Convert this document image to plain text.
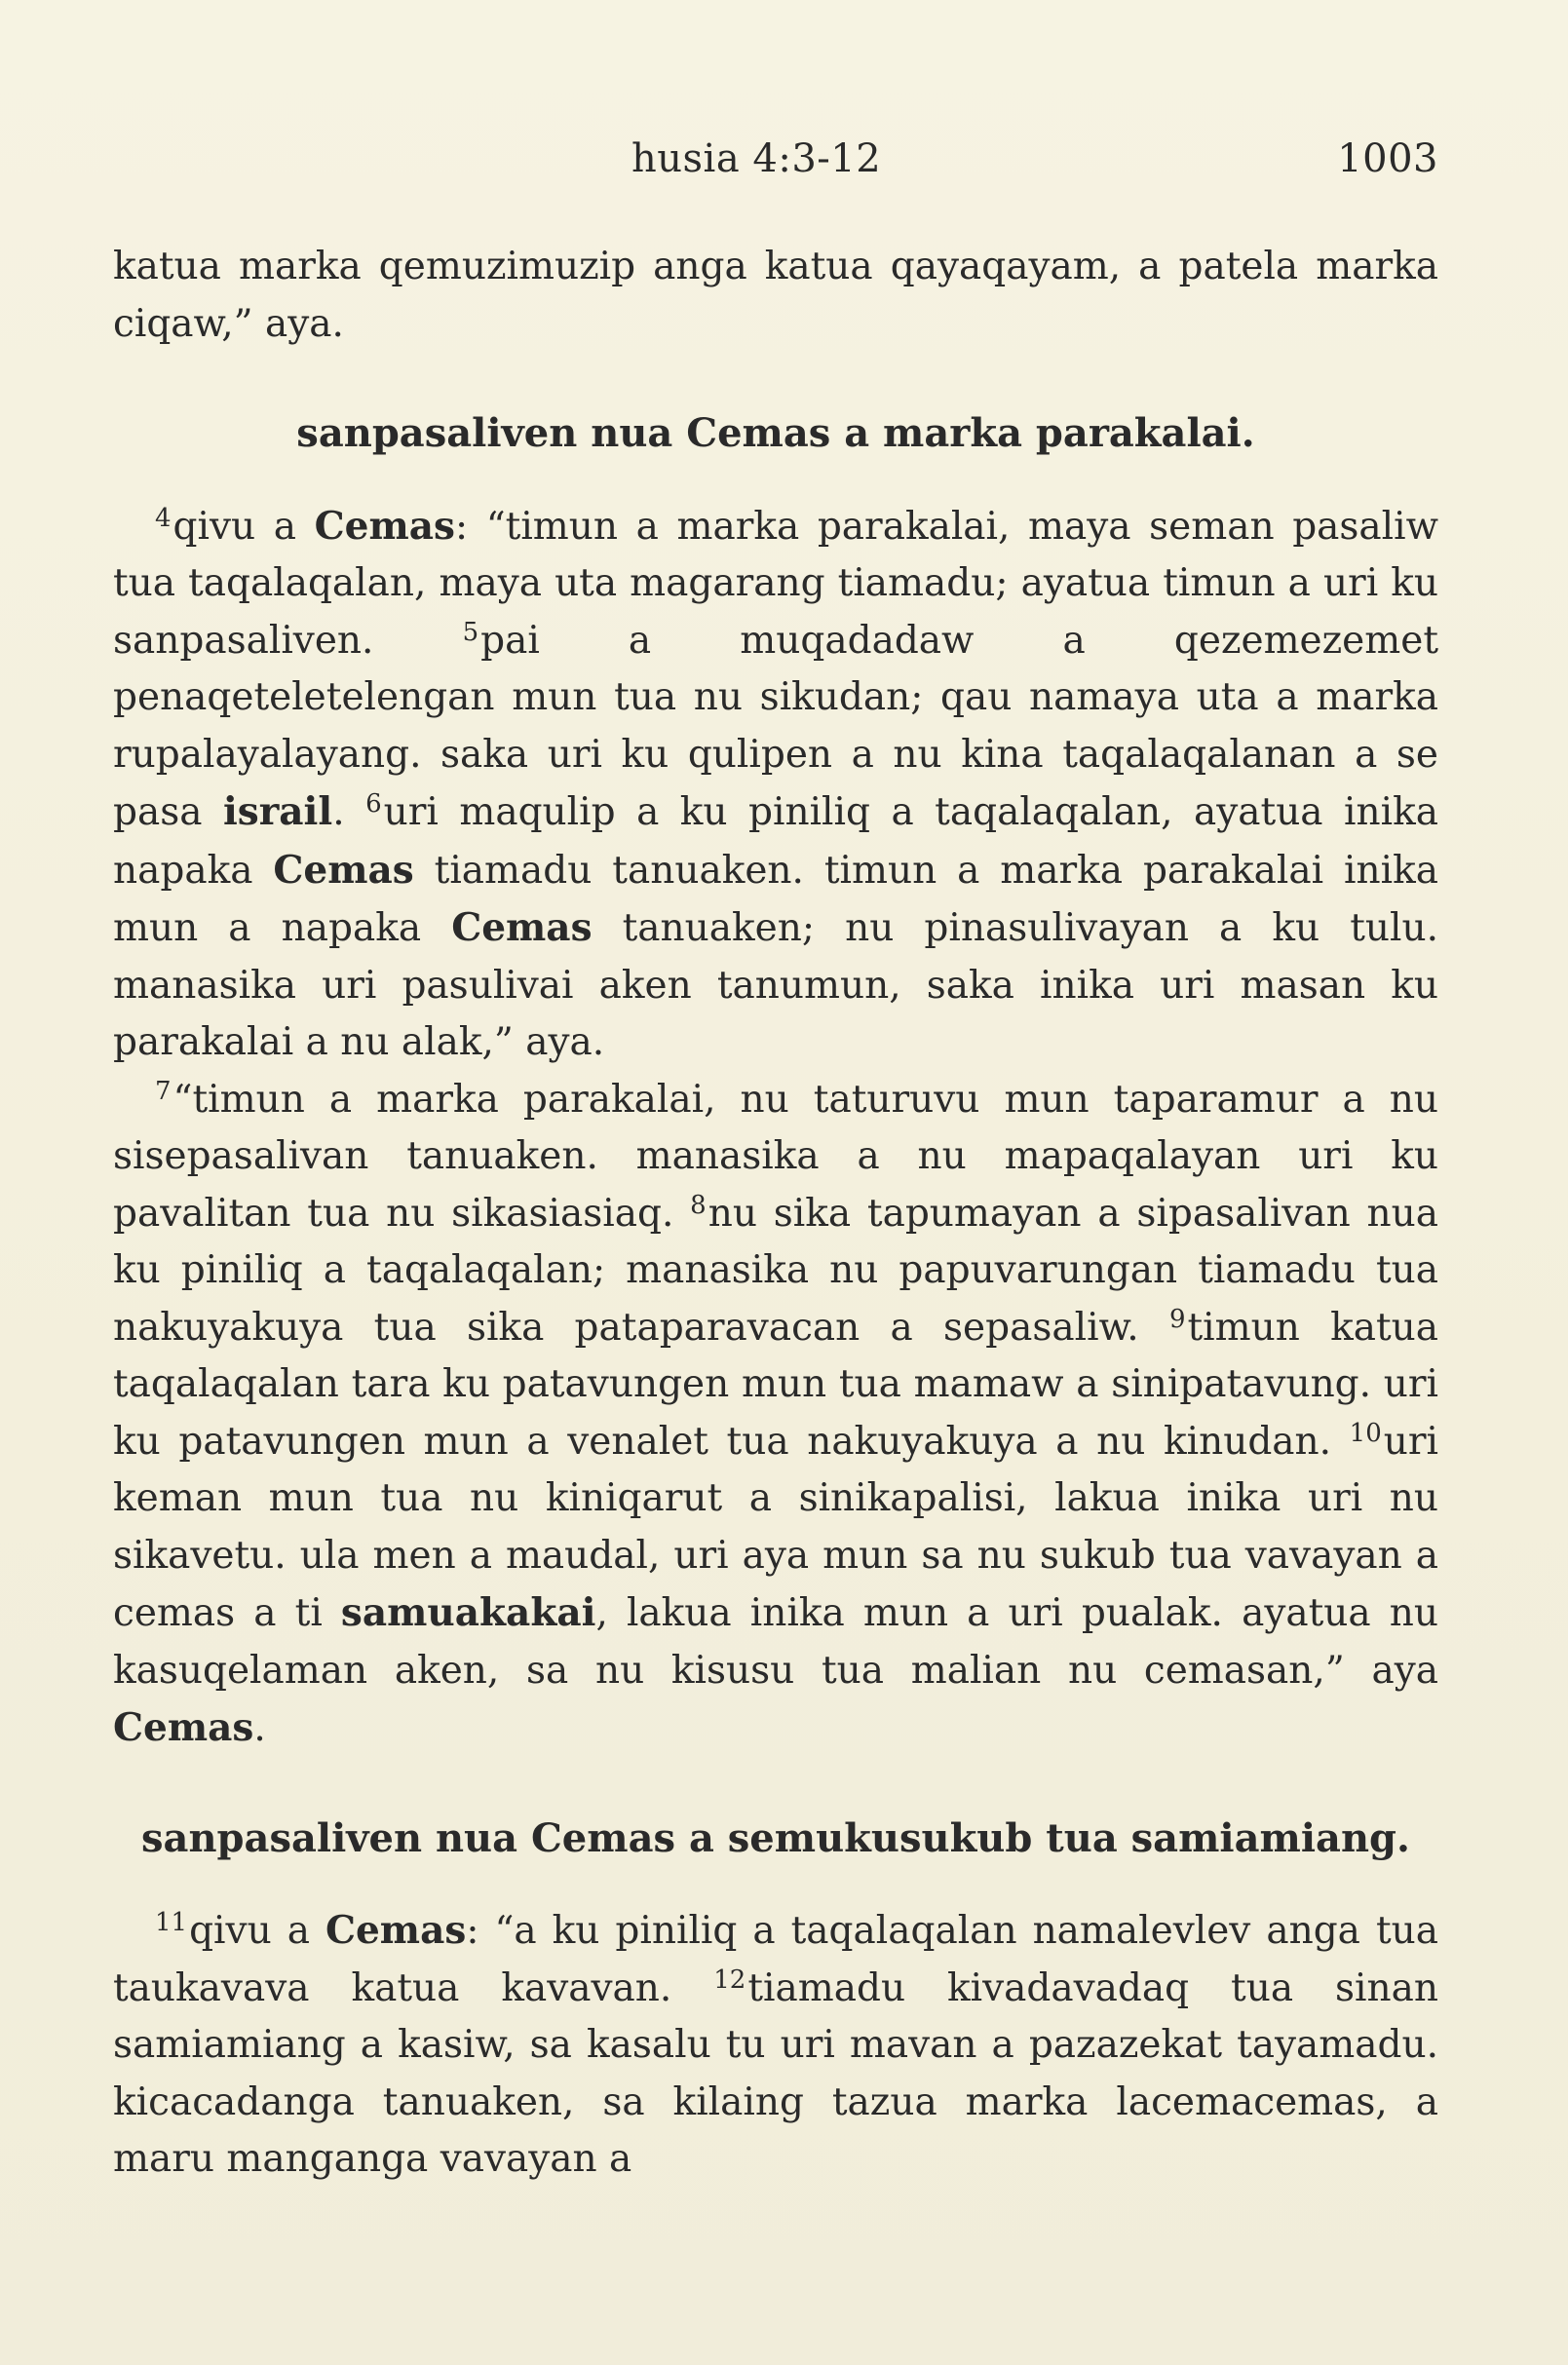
husia 4:3-12	1003

katua marka qemuzimuzip anga katua qayaqayam, a patela marka ciqaw,” aya.

sanpasaliven nua Cemas a marka parakalai.

$^4$qivu a Cemas: “timun a marka parakalai, maya seman pasaliw tua taqalaqalan, maya uta magarang tiamadu; ayatua timun a uri ku sanpasaliven. $^5$pai a muqadadaw a qezemezemet penaqeteletelengan mun tua nu sikudan; qau namaya uta a marka rupalayalayang. saka uri ku qulipen a nu kina taqalaqalanan a se pasa israil. $^6$uri maqulip a ku piniliq a taqalaqalan, ayatua inika napaka Cemas tiamadu tanuaken. timun a marka parakalai inika mun a napaka Cemas tanuaken; nu pinasulivayan a ku tulu. manasika uri pasulivai aken tanumun, saka inika uri masan ku parakalai a nu alak,” aya.

$^7$“timun a marka parakalai, nu taturuvu mun taparamur a nu sisepasalivan tanuaken. manasika a nu mapaqalayan uri ku pavalitan tua nu sikasiasiaq. $^8$nu sika tapumayan a sipasalivan nua ku piniliq a taqalaqalan; manasika nu papuvarungan tiamadu tua nakuyakuya tua sika pataparavacan a sepasaliw. $^9$timun katua taqalaqalan tara ku patavungen mun tua mamaw a sinipatavung. uri ku patavungen mun a venalet tua nakuyakuya a nu kinudan. $^{10}$uri keman mun tua nu kiniqarut a sinikapalisi, lakua inika uri nu sikavetu. ula men a maudal, uri aya mun sa nu sukub tua vavayan a cemas a ti samuakakai, lakua inika mun a uri pualak. ayatua nu kasuqelaman aken, sa nu kisusu tua malian nu cemasan,” aya Cemas.

sanpasaliven nua Cemas a semukusukub tua samiamiang.

$^{11}$qivu a Cemas: “a ku piniliq a taqalaqalan namalevlev anga tua taukavava katua kavavan. $^{12}$tiamadu kivadavadaq tua sinan samiamiang a kasiw, sa kasalu tu uri mavan a pazazekat tayamadu. kicacadanga tanuaken, sa kilaing tazua marka lacemacemas, a maru manganga vavayan a
